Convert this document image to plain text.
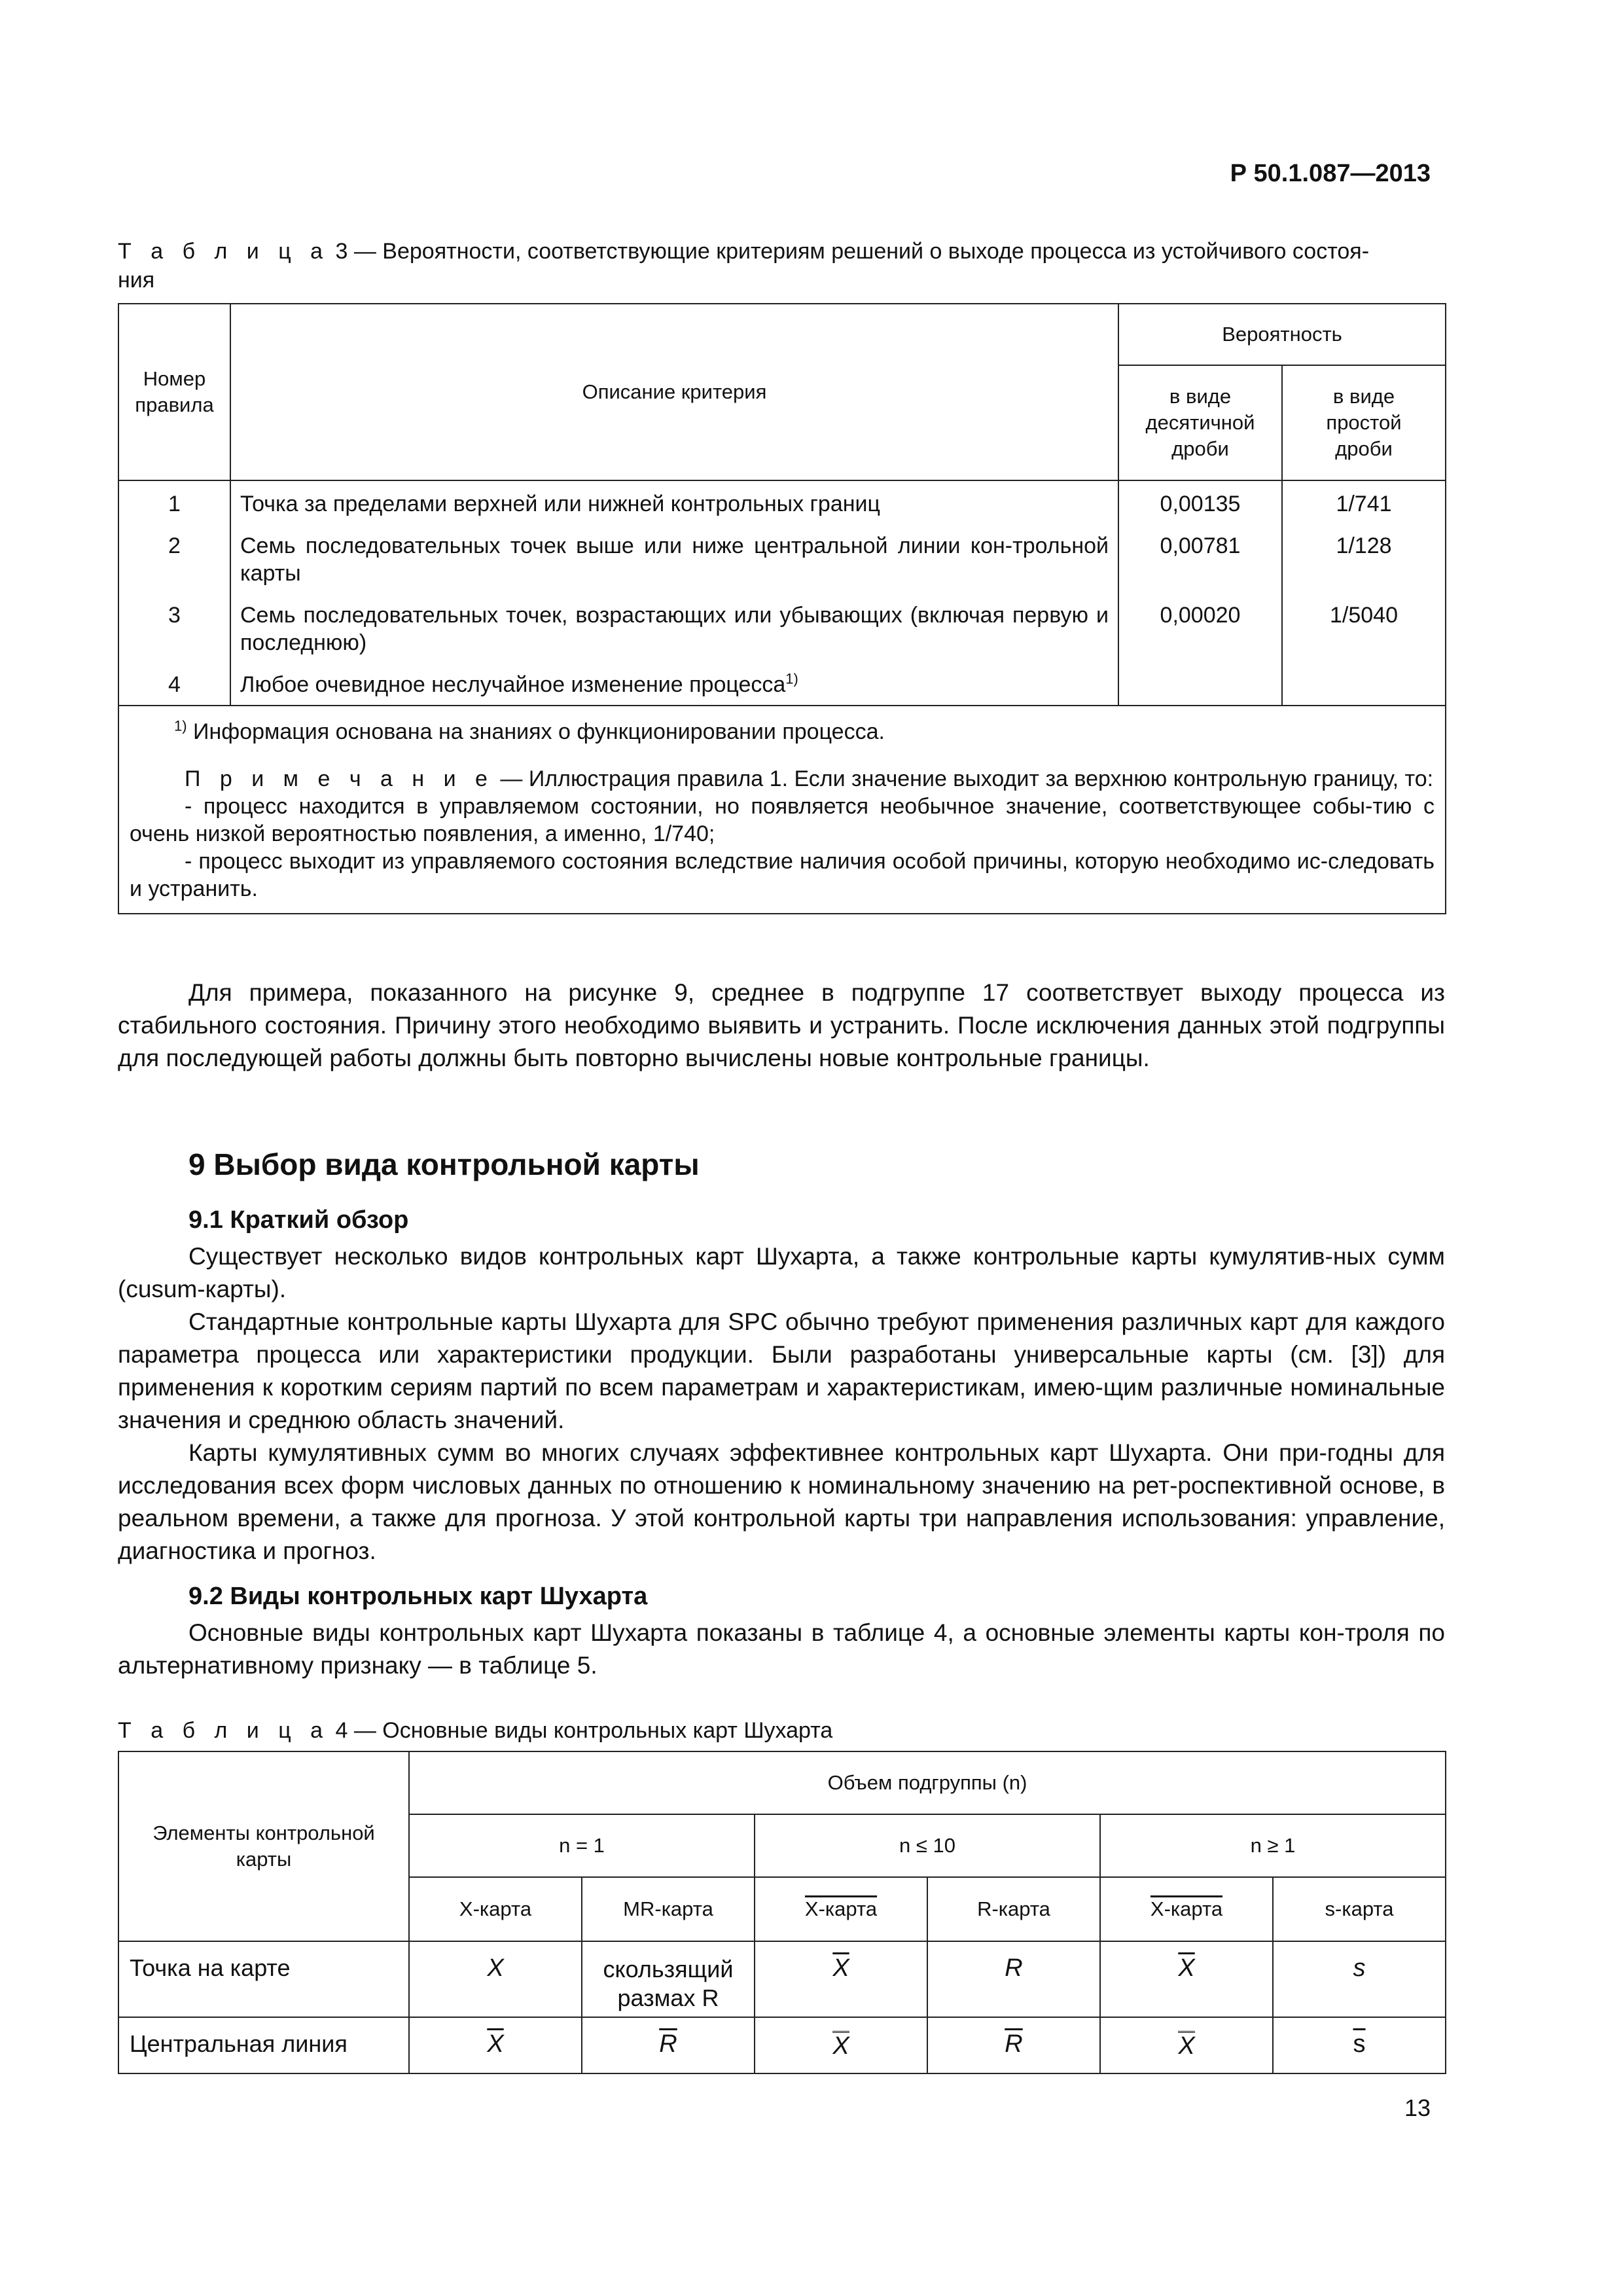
Р 50.1.087—2013
Т а б л и ц а 3 — Вероятности, соответствующие критериям решений о выходе процесса из устойчивого состоя-
ния
Номер правила	Описание критерия	Вероятность	
		в виде десятичной дроби	в виде простой дроби
1	Точка за пределами верхней или нижней контрольных границ	0,00135	1/741
2	Семь последовательных точек выше или ниже центральной линии кон-трольной карты	0,00781	1/128
3	Семь последовательных точек, возрастающих или убывающих (включая первую и последнюю)	0,00020	1/5040
4	Любое очевидное неслучайное изменение процесса$^{1)}$		

$^{1)}$ Информация основана на знаниях о функционировании процесса.
П р и м е ч а н и е — Иллюстрация правила 1. Если значение выходит за верхнюю контрольную границу, то:
- процесс находится в управляемом состоянии, но появляется необычное значение, соответствующее собы-тию с очень низкой вероятностью появления, а именно, 1/740;
- процесс выходит из управляемого состояния вследствие наличия особой причины, которую необходимо ис-следовать и устранить.			

Для примера, показанного на рисунке 9, среднее в подгруппе 17 соответствует выходу процесса из стабильного состояния. Причину этого необходимо выявить и устранить. После исключения данных этой подгруппы для последующей работы должны быть повторно вычислены новые контрольные границы.

9 Выбор вида контрольной карты
9.1 Краткий обзор

Существует несколько видов контрольных карт Шухарта, а также контрольные карты кумулятив-ных сумм (cusum-карты).

Стандартные контрольные карты Шухарта для SPC обычно требуют применения различных карт для каждого параметра процесса или характеристики продукции. Были разработаны универсальные карты (см. [3]) для применения к коротким сериям партий по всем параметрам и характеристикам, имею-щим различные номинальные значения и среднюю область значений.

Карты кумулятивных сумм во многих случаях эффективнее контрольных карт Шухарта. Они при-годны для исследования всех форм числовых данных по отношению к номинальному значению на рет-роспективной основе, в реальном времени, а также для прогноза. У этой контрольной карты три направления использования: управление, диагностика и прогноз.

9.2 Виды контрольных карт Шухарта

Основные виды контрольных карт Шухарта показаны в таблице 4, а основные элементы карты кон-троля по альтернативному признаку — в таблице 5.

Т а б л и ц а 4 — Основные виды контрольных карт Шухарта
Элементы контрольной карты	Объем подгруппы (n)					
	n = 1		n ≤ 10		n ≥ 1	
	X-карта	MR-карта	X-карта	R-карта	X-карта	s-карта
Точка на карте	X	скользящий размах R	$\overline{X}$	R	$\overline{X}$	s
Центральная линия	$\overline{X}$	$\overline{R}$	X	$\overline{R}$	X	$\overline{s}$
13
